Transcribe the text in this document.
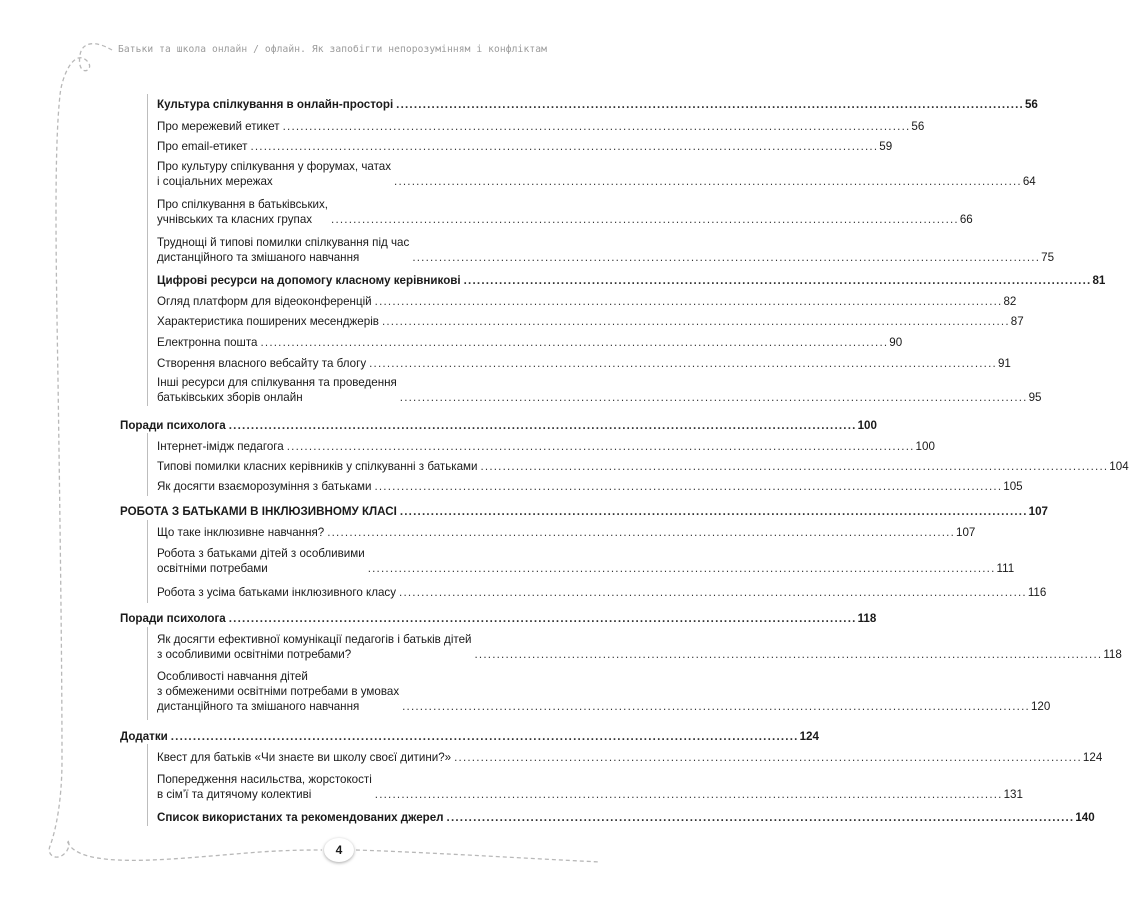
Батьки та школа онлайн / офлайн. Як запобігти непорозумінням і конфліктам
Культура спілкування в онлайн-просторі .............................................................................................................................................. 56
Про мережевий етикет .............................................................................................................................................. 56
Про email-етикет .............................................................................................................................................. 59
Про культуру спілкування у форумах, чатах
і соціальних мережах	.............................................................................................................................................. 64
Про спілкування в батьківських,
учнівських та класних групах	.............................................................................................................................................. 66
Труднощі й типові помилки спілкування під час
дистанційного та змішаного навчання	.............................................................................................................................................. 75
Цифрові ресурси на допомогу класному керівникові .............................................................................................................................................. 81
Огляд платформ для відеоконференцій .............................................................................................................................................. 82
Характеристика поширених месенджерів .............................................................................................................................................. 87
Електронна пошта .............................................................................................................................................. 90
Створення власного вебсайту та блогу .............................................................................................................................................. 91
Інші ресурси для спілкування та проведення
батьківських зборів онлайн	.............................................................................................................................................. 95
Поради психолога .............................................................................................................................................. 100
Інтернет-імідж педагога .............................................................................................................................................. 100
Типові помилки класних керівників у спілкуванні з батьками .............................................................................................................................................. 104
Як досягти взаєморозуміння з батьками .............................................................................................................................................. 105
РОБОТА З БАТЬКАМИ В ІНКЛЮЗИВНОМУ КЛАСІ .............................................................................................................................................. 107
Що таке інклюзивне навчання? .............................................................................................................................................. 107
Робота з батьками дітей з особливими
освітніми потребами	.............................................................................................................................................. 111
Робота з усіма батьками інклюзивного класу .............................................................................................................................................. 116
Поради психолога .............................................................................................................................................. 118
Як досягти ефективної комунікації педагогів і батьків дітей
з особливими освітніми потребами?	.............................................................................................................................................. 118
Особливості навчання дітей
з обмеженими освітніми потребами в умовах
дистанційного та змішаного навчання	.............................................................................................................................................. 120
Додатки .............................................................................................................................................. 124
Квест для батьків «Чи знаєте ви школу своєї дитини?» .............................................................................................................................................. 124
Попередження насильства, жорстокості
в сім’ї та дитячому колективі	.............................................................................................................................................. 131
Список використаних та рекомендованих джерел .............................................................................................................................................. 140
4
